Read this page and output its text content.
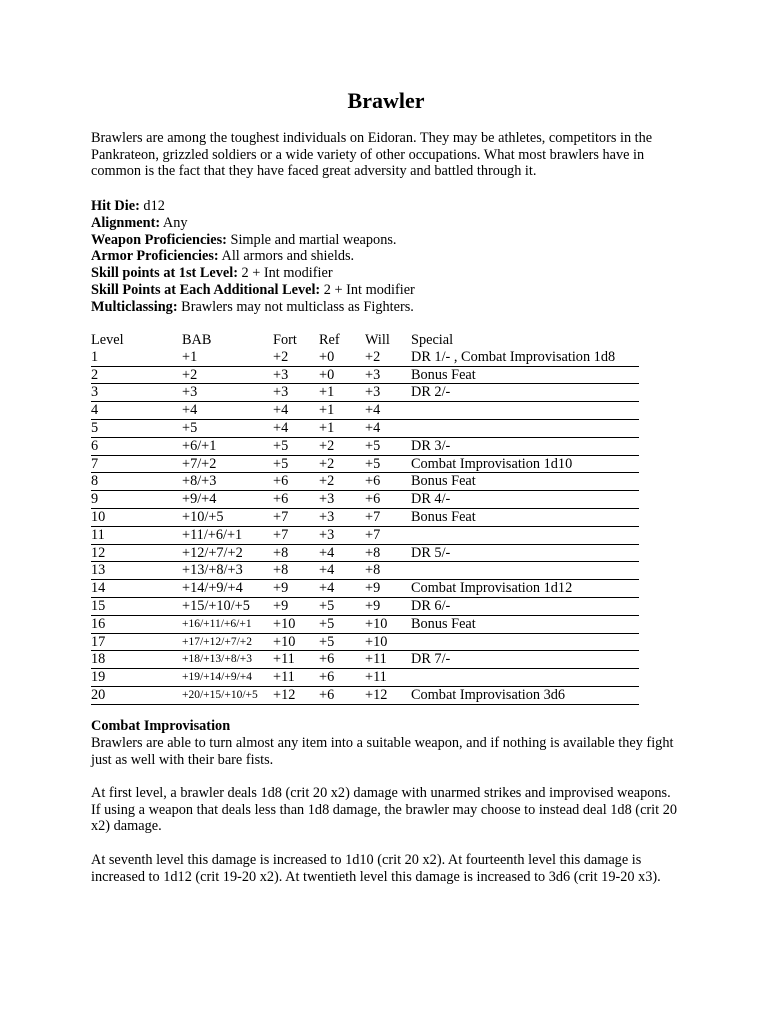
Brawler

Brawlers are among the toughest individuals on Eidoran. They may be athletes, competitors in the Pankrateon, grizzled soldiers or a wide variety of other occupations. What most brawlers have in common is the fact that they have faced great adversity and battled through it.

Hit Die: d12
Alignment: Any
Weapon Proficiencies: Simple and martial weapons.
Armor Proficiencies: All armors and shields.
Skill points at 1st Level: 2 + Int modifier
Skill Points at Each Additional Level: 2 + Int modifier
Multiclassing: Brawlers may not multiclass as Fighters.
Level	BAB	Fort	Ref	Will	Special
1	+1	+2	+0	+2	DR 1/- , Combat Improvisation 1d8
2	+2	+3	+0	+3	Bonus Feat
3	+3	+3	+1	+3	DR 2/-
4	+4	+4	+1	+4	
5	+5	+4	+1	+4	
6	+6/+1	+5	+2	+5	DR 3/-
7	+7/+2	+5	+2	+5	Combat Improvisation 1d10
8	+8/+3	+6	+2	+6	Bonus Feat
9	+9/+4	+6	+3	+6	DR 4/-
10	+10/+5	+7	+3	+7	Bonus Feat
11	+11/+6/+1	+7	+3	+7	
12	+12/+7/+2	+8	+4	+8	DR 5/-
13	+13/+8/+3	+8	+4	+8	
14	+14/+9/+4	+9	+4	+9	Combat Improvisation 1d12
15	+15/+10/+5	+9	+5	+9	DR 6/-
16	+16/+11/+6/+1	+10	+5	+10	Bonus Feat
17	+17/+12/+7/+2	+10	+5	+10	
18	+18/+13/+8/+3	+11	+6	+11	DR 7/-
19	+19/+14/+9/+4	+11	+6	+11	
20	+20/+15/+10/+5	+12	+6	+12	Combat Improvisation 3d6

Combat Improvisation

Brawlers are able to turn almost any item into a suitable weapon, and if nothing is available they fight just as well with their bare fists.

At first level, a brawler deals 1d8 (crit 20 x2) damage with unarmed strikes and improvised weapons. If using a weapon that deals less than 1d8 damage, the brawler may choose to instead deal 1d8 (crit 20 x2) damage.

At seventh level this damage is increased to 1d10 (crit 20 x2). At fourteenth level this damage is increased to 1d12 (crit 19-20 x2). At twentieth level this damage is increased to 3d6 (crit 19-20 x3).
